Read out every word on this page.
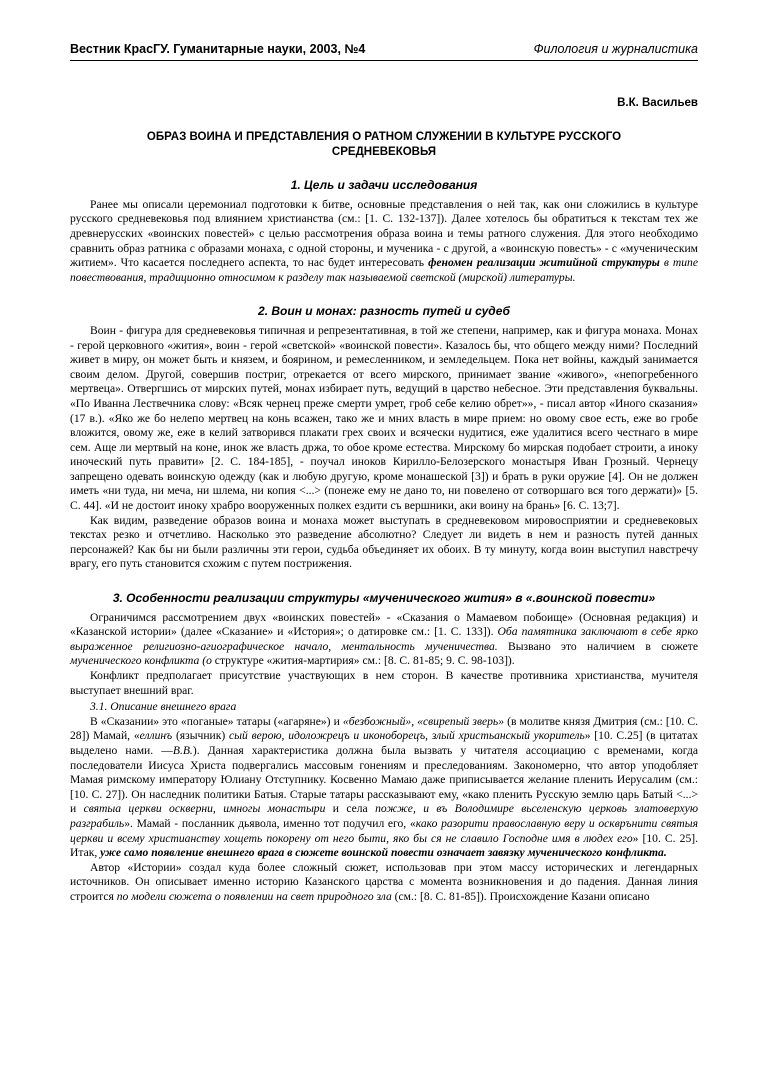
Вестник КрасГУ. Гуманитарные науки, 2003, №4	Филология и журналистика
В.К. Васильев
ОБРАЗ ВОИНА И ПРЕДСТАВЛЕНИЯ О РАТНОМ СЛУЖЕНИИ В КУЛЬТУРЕ РУССКОГО СРЕДНЕВЕКОВЬЯ
1. Цель и задачи исследования

Ранее мы описали церемониал подготовки к битве, основные представления о ней так, как они сложились в культуре русского средневековья под влиянием христианства (см.: [1. С. 132-137]). Далее хотелось бы обратиться к текстам тех же древнерусских «воинских повестей» с целью рассмотрения образа воина и темы ратного служения. Для этого необходимо сравнить образ ратника с образами монаха, с одной стороны, и мученика - с другой, а «воинскую повесть» - с «мученическим житием». Что касается последнего аспекта, то нас будет интересовать феномен реализации житийной структуры в типе повествования, традиционно относимом к разделу так называемой светской (мирской) литературы.

2. Воин и монах: разность путей и судеб

Воин - фигура для средневековья типичная и репрезентативная, в той же степени, например, как и фигура монаха. Монах - герой церковного «жития», воин - герой «светской» «воинской повести». Казалось бы, что общего между ними? Последний живет в миру, он может быть и князем, и боярином, и ремесленником, и земледельцем. Пока нет войны, каждый занимается своим делом. Другой, совершив постриг, отрекается от всего мирского, принимает звание «живого», «непогребенного мертвеца». Отвергшись от мирских путей, монах избирает путь, ведущий в царство небесное. Эти представления буквальны. «По Иванна Лествечника слову: «Всяк чернец преже смерти умрет, гроб себе келию обрет»», - писал автор «Иного сказания» (17 в.). «Яко же бо нелепо мертвец на конь всажен, тако же и мних власть в мире прием: но овому свое есть, еже во гробе вложится, овому же, еже в келий затворився плакати грех своих и всячески нудитися, еже удалитися всего честнаго в мире сем. Аще ли мертвый на коне, инок же власть држа, то обое кроме естества. Мирскому бо мирская подобает строити, а иноку иноческий путь правити» [2. С. 184-185], - поучал иноков Кирилло-Белозерского монастыря Иван Грозный. Чернецу запрещено одевать воинскую одежду (как и любую другую, кроме монашеской [3]) и брать в руки оружие [4]. Он не должен иметь «ни туда, ни меча, ни шлема, ни копия <...> (понеже ему не дано то, ни повелено от сотворшаго вся того держати)» [5. С. 44]. «И не достоит иноку храбро вооруженных полкех ездити съ вершники, аки воину на брань» [6. С. 13;7].

Как видим, разведение образов воина и монаха может выступать в средневековом мировосприятии и средневековых текстах резко и отчетливо. Насколько это разведение абсолютно? Следует ли видеть в нем и разность путей данных персонажей? Как бы ни были различны эти герои, судьба объединяет их обоих. В ту минуту, когда воин выступил навстречу врагу, его путь становится схожим с путем пострижения.

3. Особенности реализации структуры «мученического жития» в «.воинской повести»

Ограничимся рассмотрением двух «воинских повестей» - «Сказания о Мамаевом побоище» (Основная редакция) и «Казанской истории» (далее «Сказание» и «История»; о датировке см.: [1. С. 133]). Оба памятника заключают в себе ярко выраженное религиозно-агиографическое начало, ментальность мученичества. Вызвано это наличием в сюжете мученического конфликта (о структуре «жития-мартирия» см.: [8. С. 81-85; 9. С. 98-103]).

Конфликт предполагает присутствие участвующих в нем сторон. В качестве противника христианства, мучителя выступает внешний враг.

3.1. Описание внешнего врага

В «Сказании» это «поганые» татары («агаряне») и «безбожный», «свирепый зверь» (в молитве князя Дмитрия (см.: [10. С. 28]) Мамай, «еллинъ (язычник) сый верою, идоложрецъ и иконоборецъ, злый христьанскый укоритель» [10. С.25] (в цитатах выделено нами. —В.В.). Данная характеристика должна была вызвать у читателя ассоциацию с временами, когда последователи Иисуса Христа подвергались массовым гонениям и преследованиям. Закономерно, что автор уподобляет Мамая римскому императору Юлиану Отступнику. Косвенно Мамаю даже приписывается желание пленить Иерусалим (см.: [10. С. 27]). Он наследник политики Батыя. Старые татары рассказывают ему, «како пленить Русскую землю царь Батый <...> и святыа церкви оскверни, имногы монастыри и села пожже, и въ Володимире вьселенскую церковь златоверхую разграбиль». Мамай - посланник дьявола, именно тот подучил его, «како разорити православную веру и оскврънити святыя церкви и всему христианству хощеть покорену от него быти, яко бы ся не славило Господне имя в людех его» [10. С. 25]. Итак, уже само появление внешнего врага в сюжете воинской повести означает завязку мученического конфликта.

Автор «Истории» создал куда более сложный сюжет, использовав при этом массу исторических и легендарных источников. Он описывает именно историю Казанского царства с момента возникновения и до падения. Данная линия строится по модели сюжета о появлении на свет природного зла (см.: [8. С. 81-85]). Происхождение Казани описано
